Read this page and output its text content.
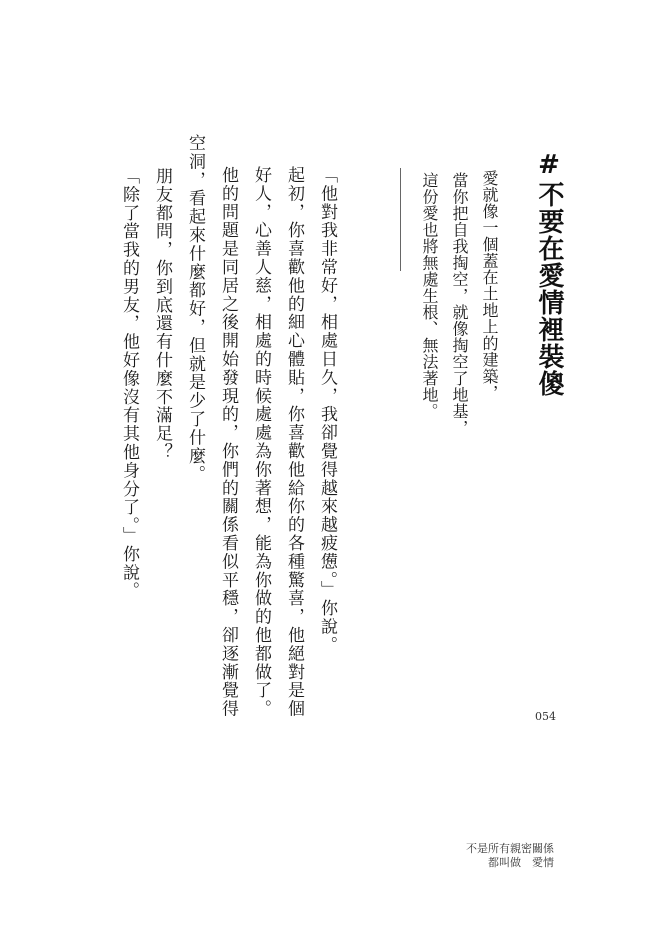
#不要在愛情裡裝傻

愛就像一個蓋在土地上的建築，

當你把自我掏空，就像掏空了地基，

這份愛也將無處生根、無法著地。

「他對我非常好，相處日久，我卻覺得越來越疲憊。」你說。

起初，你喜歡他的細心體貼，你喜歡他給你的各種驚喜，他絕對是個

好人，心善人慈，相處的時候處處為你著想，能為你做的他都做了。

他的問題是同居之後開始發現的，你們的關係看似平穩，卻逐漸覺得

空洞，看起來什麼都好，但就是少了什麼。

朋友都問，你到底還有什麼不滿足？

「除了當我的男友，他好像沒有其他身分了。」你說。

054
不是所有親密關係
都叫做　愛情
